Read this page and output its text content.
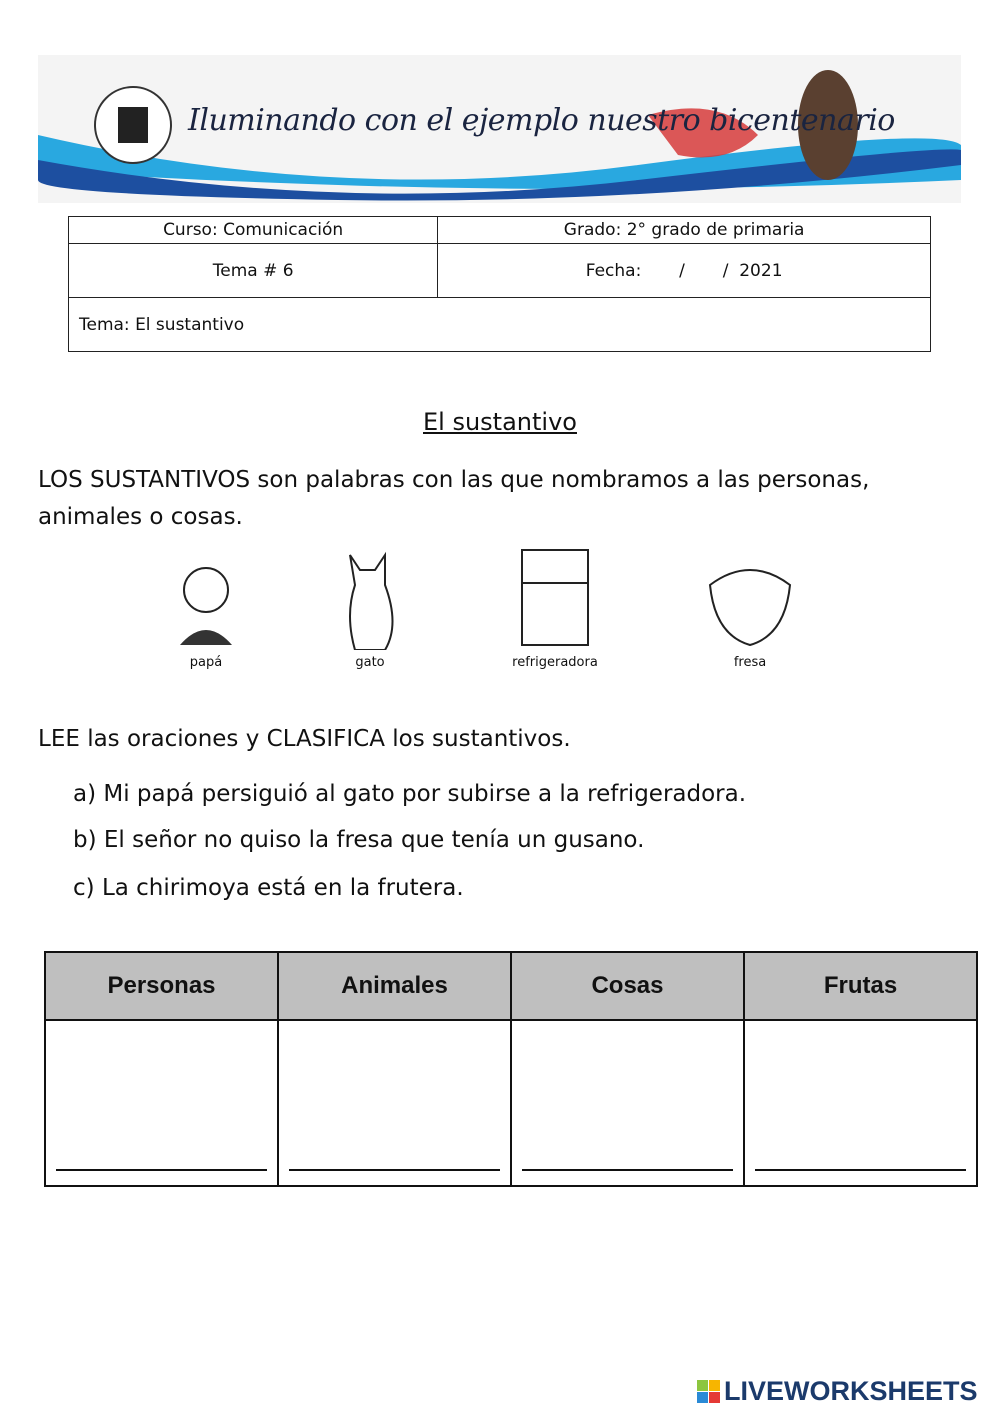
Iluminando con el ejemplo nuestro bicentenario
Curso: Comunicación	Grado: 2° grado de primaria
Tema # 6	Fecha:       /       /  2021
Tema: El sustantivo	
El sustantivo
LOS SUSTANTIVOS son palabras con las que nombramos a las personas, animales o cosas.
papá	gato	refrigeradora	fresa
LEE las oraciones y CLASIFICA los sustantivos.
a) Mi papá persiguió al gato por subirse a la refrigeradora.
b) El señor no quiso la fresa que tenía un gusano.
c) La chirimoya está en la frutera.
Personas	Animales	Cosas	Frutas

LIVEWORKSHEETS
